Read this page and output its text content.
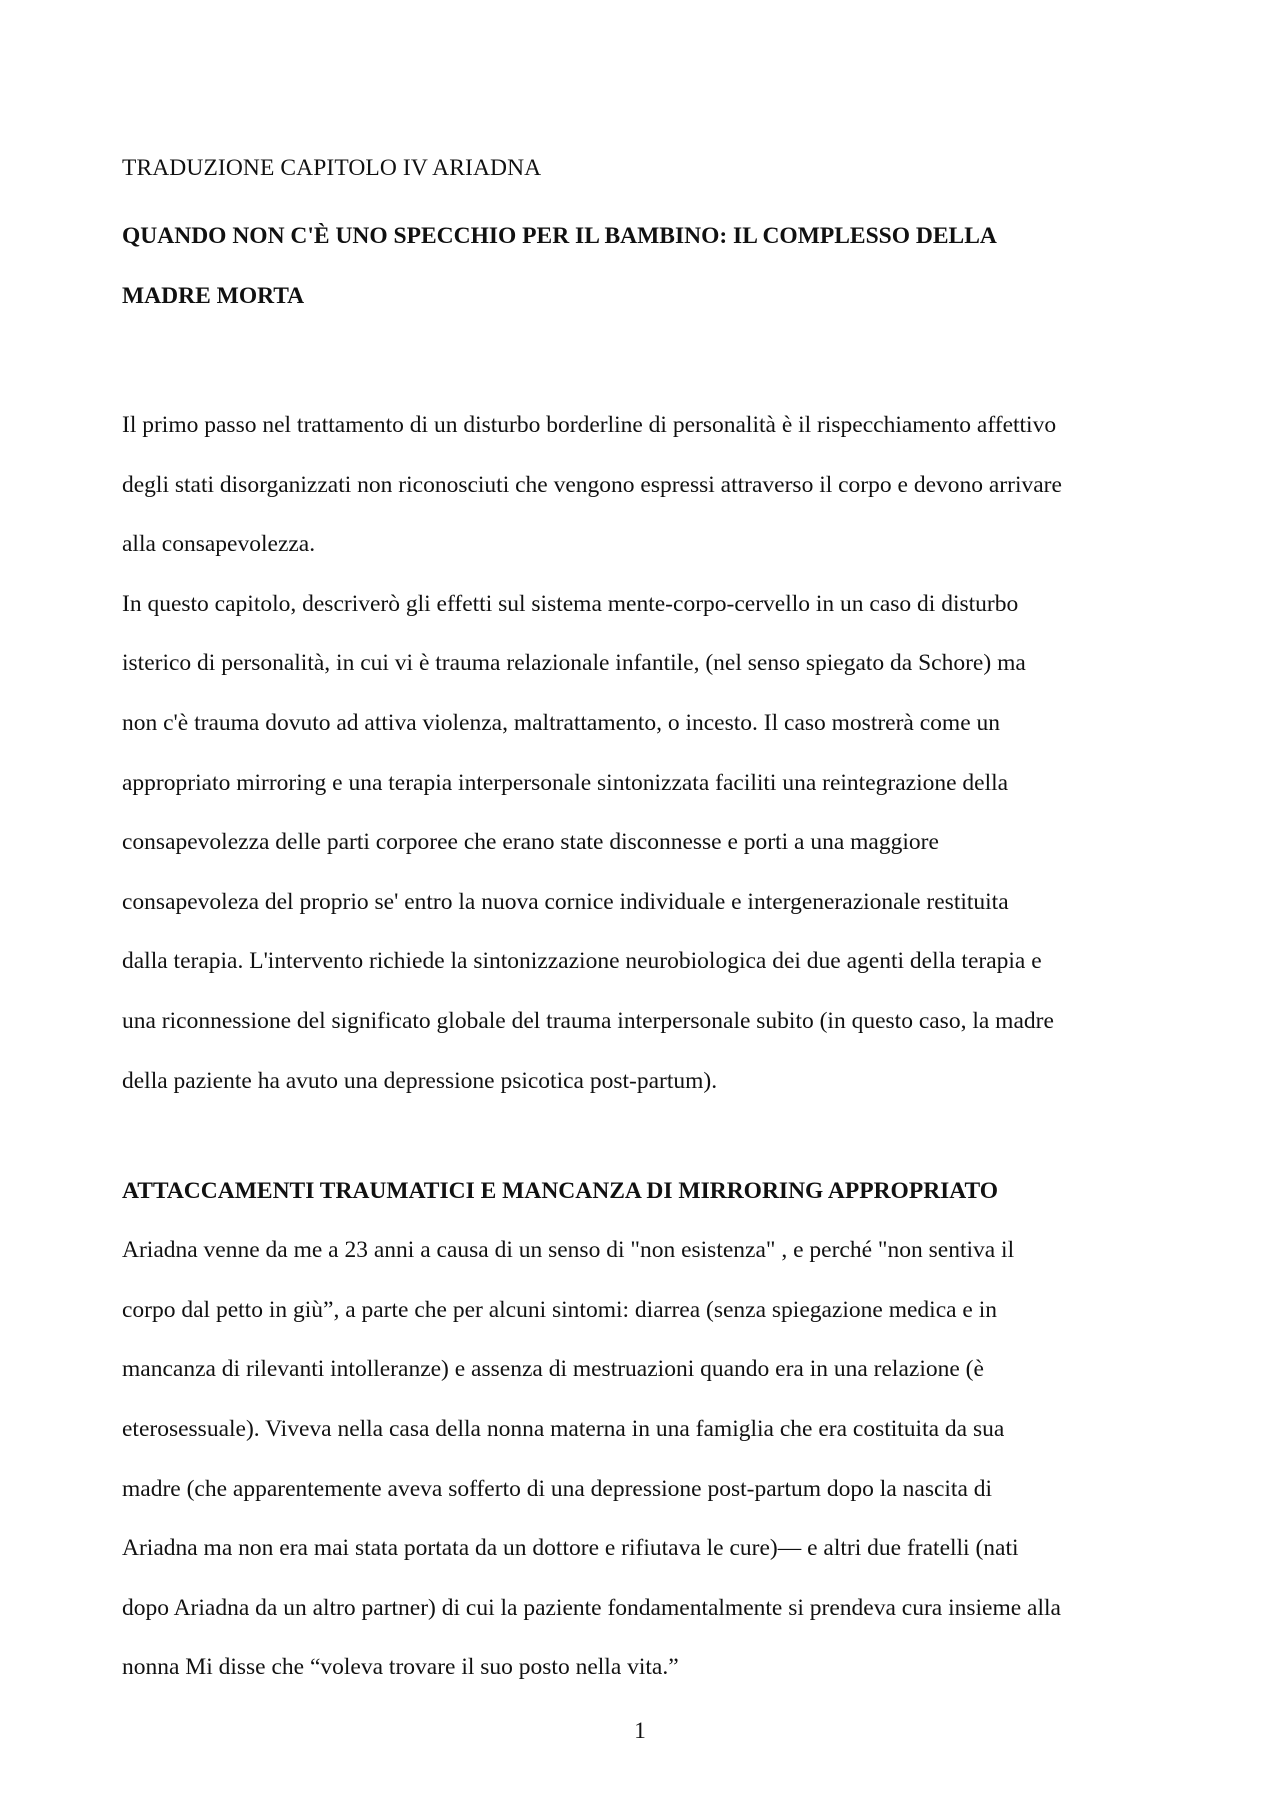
TRADUZIONE CAPITOLO IV ARIADNA
QUANDO NON C'È UNO SPECCHIO PER IL BAMBINO: IL COMPLESSO DELLA
MADRE MORTA
Il primo passo nel trattamento di un disturbo borderline di personalità è il rispecchiamento affettivo
degli stati disorganizzati non riconosciuti che vengono espressi attraverso il corpo e devono arrivare
alla consapevolezza.
In questo capitolo, descriverò gli effetti sul sistema mente-corpo-cervello in un caso di disturbo
isterico di personalità, in cui vi è trauma relazionale infantile, (nel senso spiegato da Schore) ma
non c'è trauma dovuto ad attiva violenza, maltrattamento, o incesto. Il caso mostrerà come un
appropriato mirroring e una terapia interpersonale sintonizzata faciliti una reintegrazione della
consapevolezza delle parti corporee che erano state disconnesse e porti a una maggiore
consapevoleza del proprio se' entro la nuova cornice individuale e intergenerazionale restituita
dalla terapia. L'intervento richiede la sintonizzazione neurobiologica dei due agenti della terapia e
una riconnessione del significato globale del trauma interpersonale subito (in questo caso, la madre
della paziente ha avuto una depressione psicotica post-partum).
ATTACCAMENTI TRAUMATICI E MANCANZA DI MIRRORING APPROPRIATO
Ariadna venne da me a 23 anni a causa di un senso di "non esistenza" , e perché "non sentiva il
corpo dal petto in giù”, a parte che per alcuni sintomi: diarrea (senza spiegazione medica e in
mancanza di rilevanti intolleranze) e assenza di mestruazioni quando era in una relazione (è
eterosessuale). Viveva nella casa della nonna materna in una famiglia che era costituita da sua
madre (che apparentemente aveva sofferto di una depressione post-partum dopo la nascita di
Ariadna ma non era mai stata portata da un dottore e rifiutava le cure)— e altri due fratelli (nati
dopo Ariadna da un altro partner) di cui la paziente fondamentalmente si prendeva cura insieme alla
nonna Mi disse che “voleva trovare il suo posto nella vita.”
1
